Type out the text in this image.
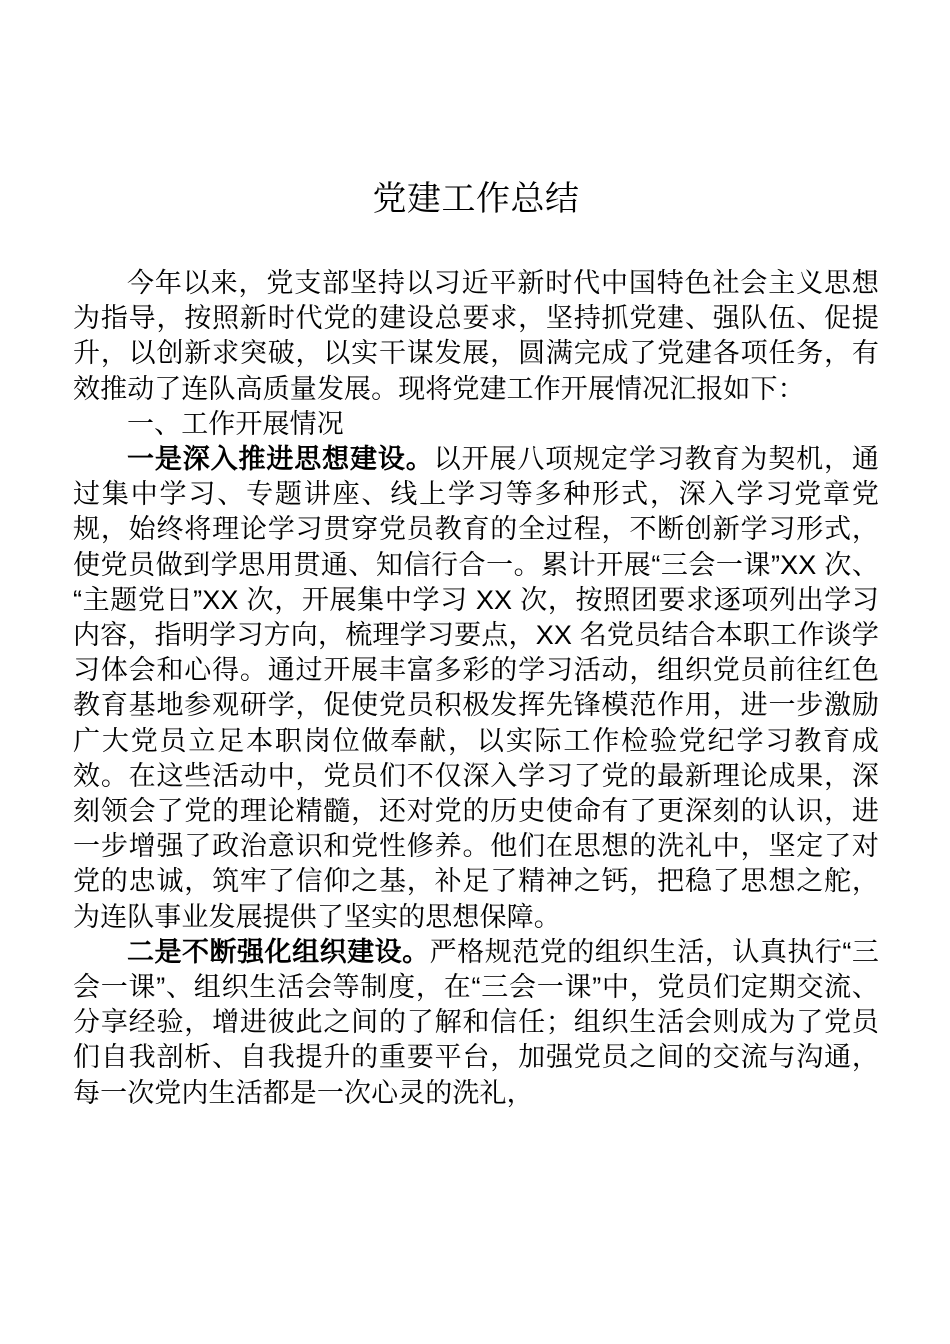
党建工作总结

今年以来，党支部坚持以习近平新时代中国特色社会主义思想为指导，按照新时代党的建设总要求，坚持抓党建、强队伍、促提升，以创新求突破，以实干谋发展，圆满完成了党建各项任务，有效推动了连队高质量发展。现将党建工作开展情况汇报如下：

一、工作开展情况

一是深入推进思想建设。以开展八项规定学习教育为契机，通过集中学习、专题讲座、线上学习等多种形式，深入学习党章党规，始终将理论学习贯穿党员教育的全过程，不断创新学习形式，使党员做到学思用贯通、知信行合一。累计开展“三会一课”XX 次、“主题党日”XX 次，开展集中学习 XX 次，按照团要求逐项列出学习内容，指明学习方向，梳理学习要点，XX 名党员结合本职工作谈学习体会和心得。通过开展丰富多彩的学习活动，组织党员前往红色教育基地参观研学，促使党员积极发挥先锋模范作用，进一步激励广大党员立足本职岗位做奉献，以实际工作检验党纪学习教育成效。在这些活动中，党员们不仅深入学习了党的最新理论成果，深刻领会了党的理论精髓，还对党的历史使命有了更深刻的认识，进一步增强了政治意识和党性修养。他们在思想的洗礼中，坚定了对党的忠诚，筑牢了信仰之基，补足了精神之钙，把稳了思想之舵，为连队事业发展提供了坚实的思想保障。

二是不断强化组织建设。严格规范党的组织生活，认真执行“三会一课”、组织生活会等制度，在“三会一课”中，党员们定期交流、分享经验，增进彼此之间的了解和信任；组织生活会则成为了党员们自我剖析、自我提升的重要平台，加强党员之间的交流与沟通，每一次党内生活都是一次心灵的洗礼，
